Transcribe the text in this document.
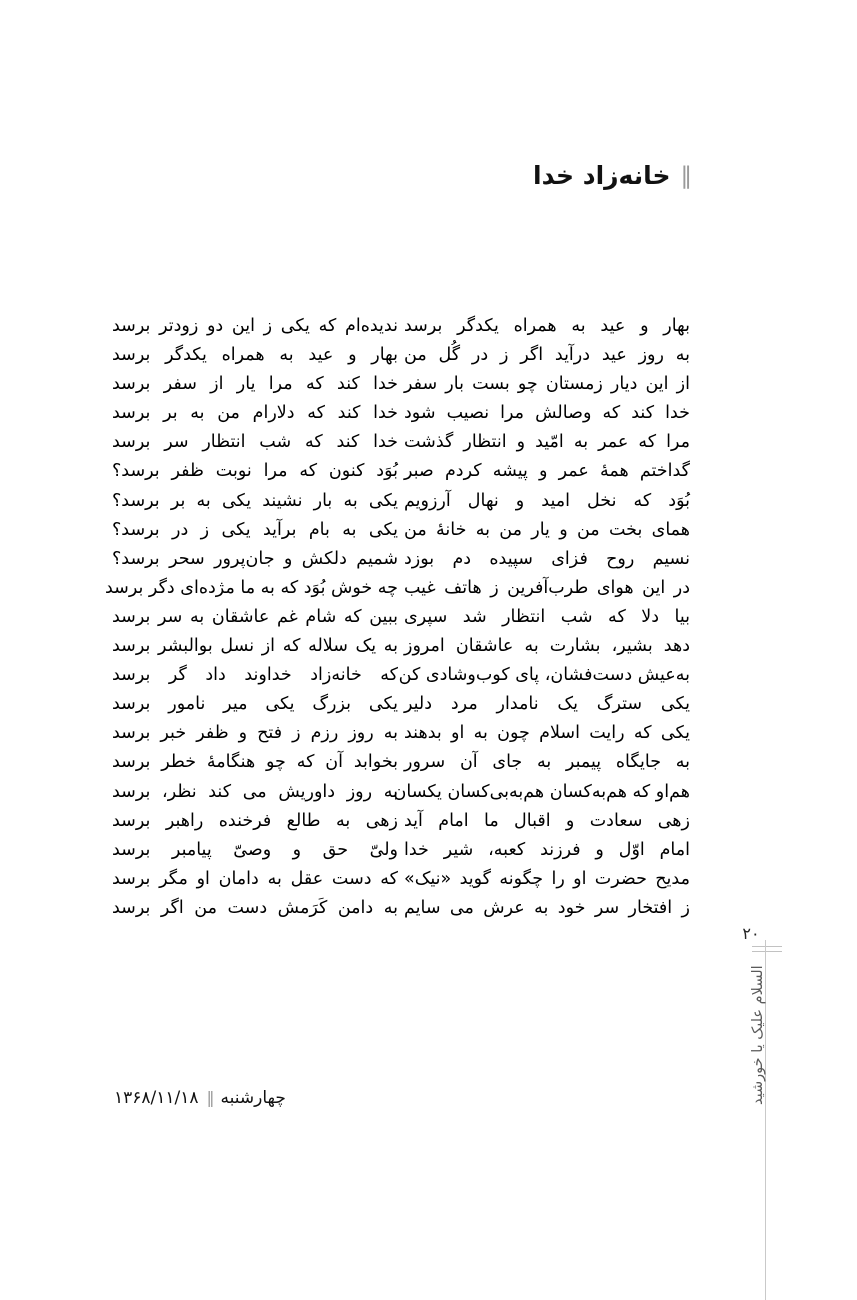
‖
خانه‌زاد خدا
بهار و عید به همراه یکدگر برسد
به روز عید درآید اگر ز در گُل من
از این دیار زمستان چو بست بار سفر
خدا کند که وصالش مرا نصیب شود
مرا که عمر به امّید و انتظار گذشت
گداختم همهٔ عمر و پیشه کردم صبر
بُوَد که نخل امید و نهال آرزویم
همای بخت من و یار من به خانهٔ من
نسیم روح فزای سپیده دم بوزد
در این هوای طرب‌آفرین ز هاتف غیب
بیا دلا که شب انتظار شد سپری
دهد بشیر، بشارت به عاشقان امروز
به‌عیش دست‌فشان، پای کوب‌وشادی کن
یکی سترگ یک نامدار مرد دلیر
یکی که رایت اسلام چون به او بدهند
به جایگاه پیمبر به جای آن سرور
هم‌او که هم‌به‌کسان هم‌به‌بی‌کسان یکسان
زهی سعادت و اقبال ما امام آید
امام اوّل و فرزند کعبه، شیر خدا
مدیح حضرت او را چگونه گوید «نیک»
ز افتخار سر خود به عرش می سایم
ندیده‌ام که یکی ز این دو زودتر برسد
بهار و عید به همراه یکدگر برسد
خدا کند که مرا یار از سفر برسد
خدا کند که دلارام من به بر برسد
خدا کند که شب انتظار سر برسد
بُوَد کنون که مرا نوبت ظفر برسد؟
یکی به بار نشیند یکی به بر برسد؟
یکی به بام برآید یکی ز در برسد؟
شمیم دلکش و جان‌پرور سحر برسد؟
چه خوش بُوَد که به ما مژده‌ای دگر برسد
ببین که شام غم عاشقان به سر برسد
به یک سلاله که از نسل بوالبشر برسد
که خانه‌زاد خداوند داد گر برسد
یکی بزرگ یکی میر نامور برسد
به روز رزم ز فتح و ظفر خبر برسد
بخوابد آن که چو هنگامهٔ خطر برسد
به روز داوریش می کند نظر، برسد
زهی به طالع فرخنده راهبر برسد
ولیّ حق و وصیّ پیامبر برسد
که دست عقل به دامان او مگر برسد
به دامن کَرَمش دست من اگر برسد
چهارشنبه
‖
۱۳۶۸/۱۱/۱۸
۲۰
السلام علیک یا خورشید
